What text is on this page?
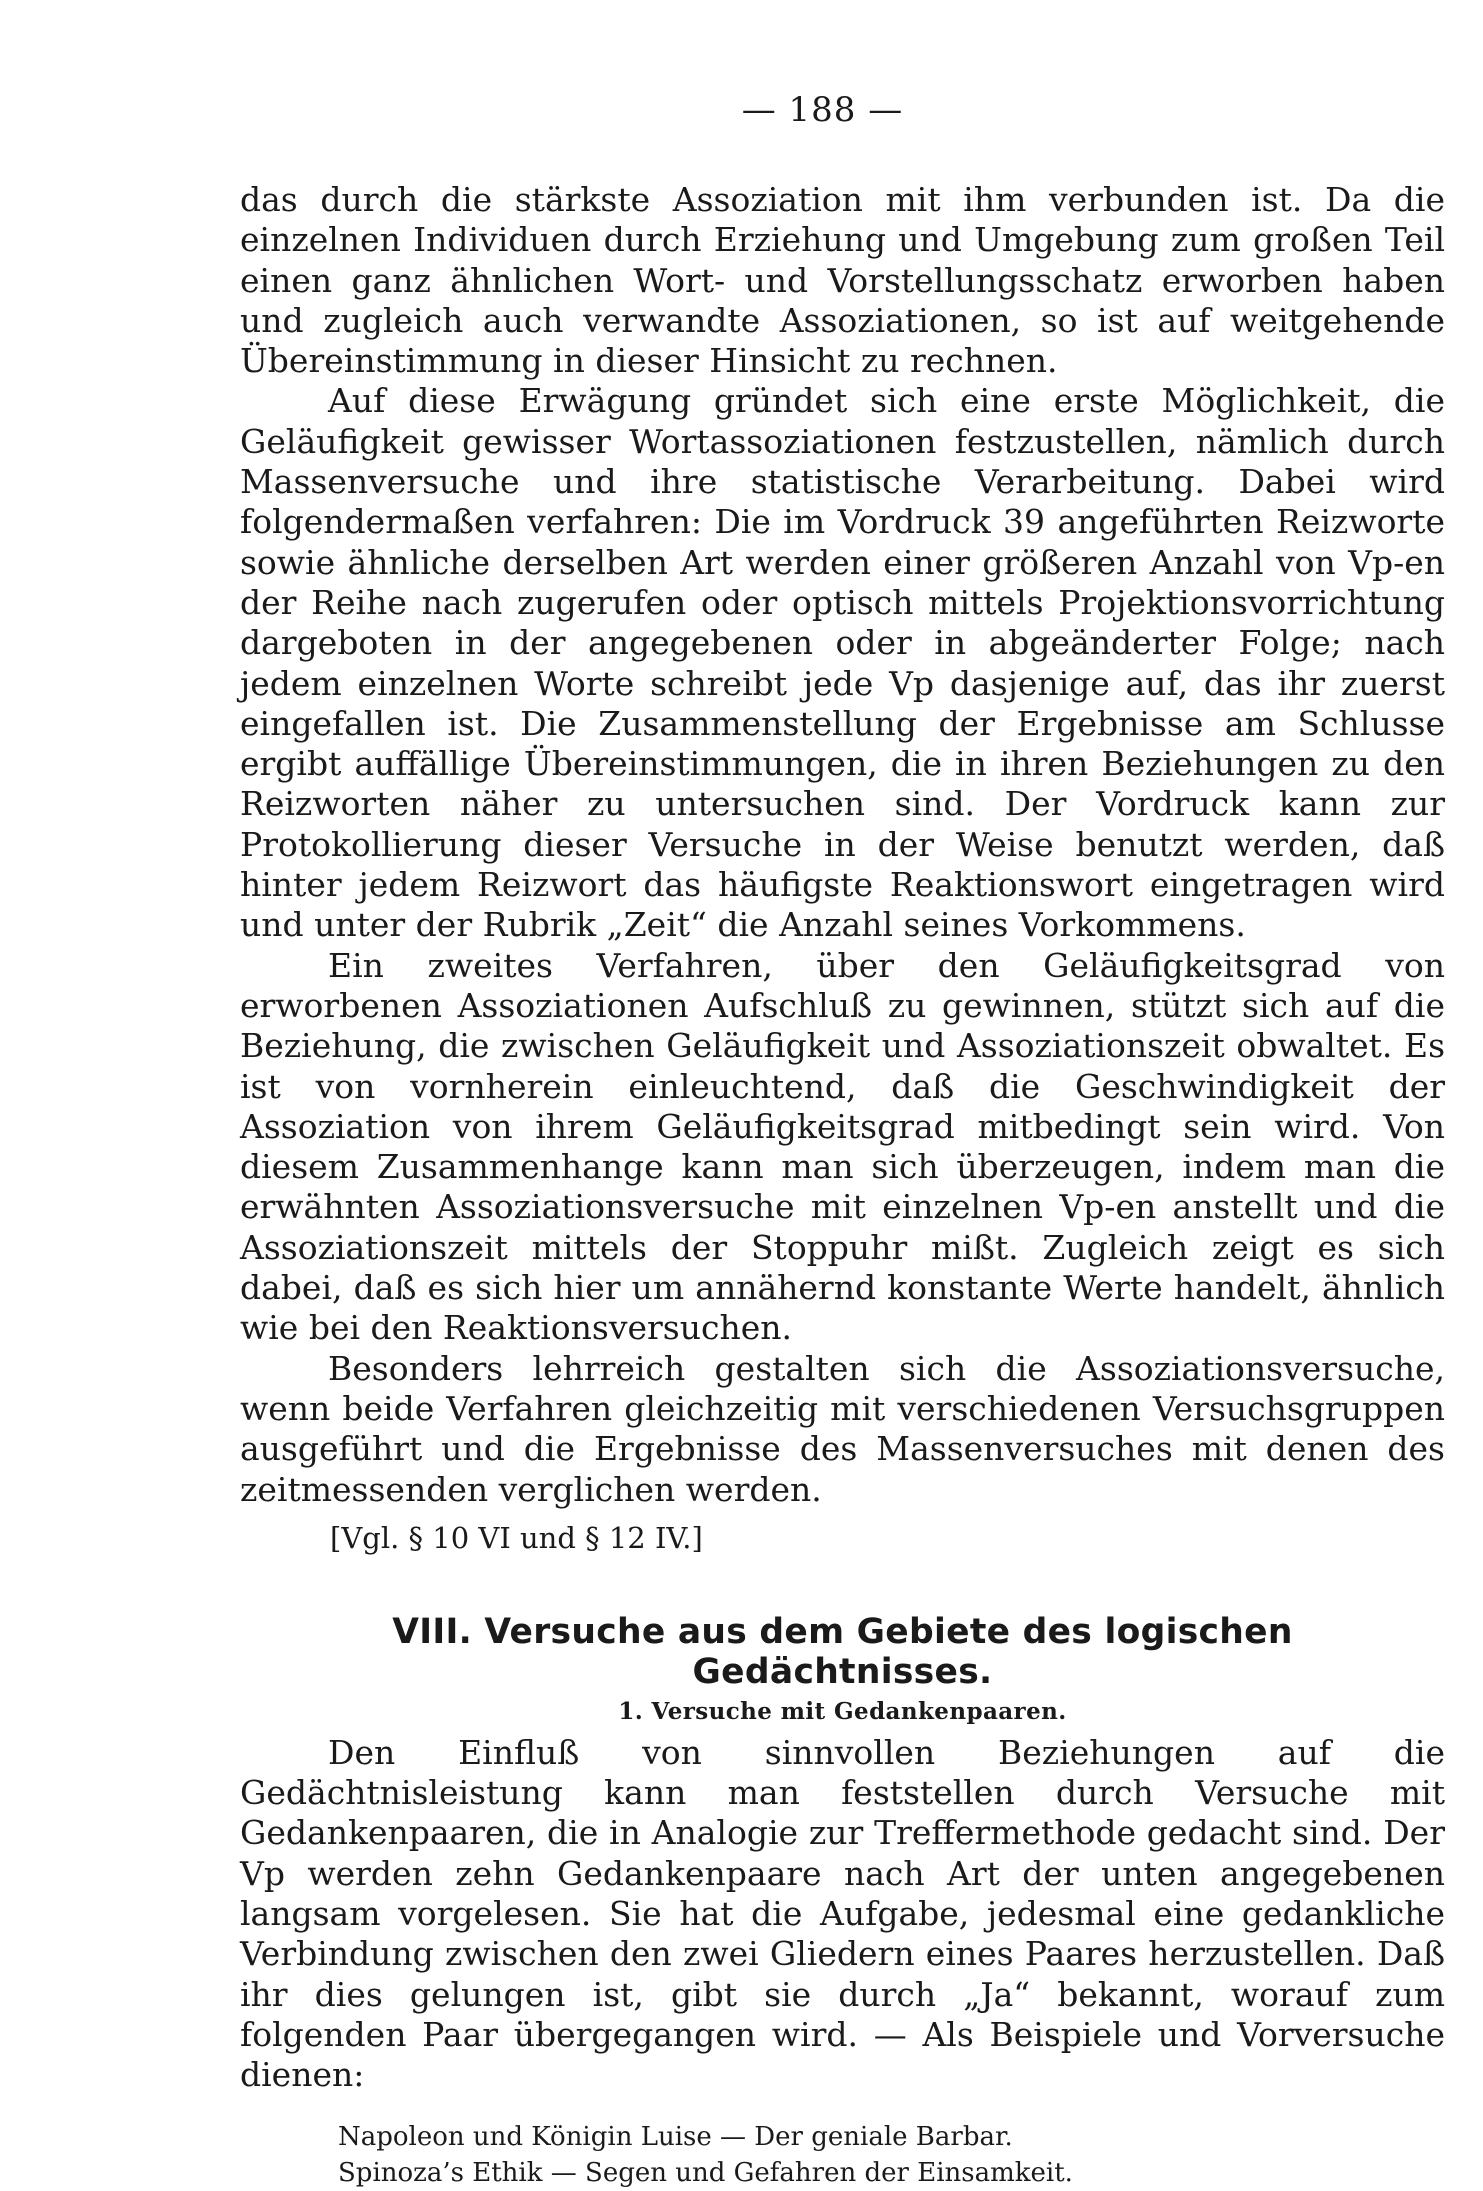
— 188 —

das durch die stärkste Assoziation mit ihm verbunden ist. Da die einzelnen Individuen durch Erziehung und Umgebung zum großen Teil einen ganz ähnlichen Wort- und Vorstellungsschatz erworben haben und zugleich auch verwandte Assoziationen, so ist auf weitgehende Übereinstimmung in dieser Hinsicht zu rechnen.

Auf diese Erwägung gründet sich eine erste Möglichkeit, die Geläufigkeit gewisser Wortassoziationen festzustellen, nämlich durch Massenversuche und ihre statistische Verarbeitung. Dabei wird folgendermaßen verfahren: Die im Vordruck 39 angeführten Reizworte sowie ähnliche derselben Art werden einer größeren Anzahl von Vp-en der Reihe nach zugerufen oder optisch mittels Projektionsvorrichtung dargeboten in der angegebenen oder in abgeänderter Folge; nach jedem einzelnen Worte schreibt jede Vp dasjenige auf, das ihr zuerst eingefallen ist. Die Zusammenstellung der Ergebnisse am Schlusse ergibt auffällige Übereinstimmungen, die in ihren Beziehungen zu den Reizworten näher zu untersuchen sind. Der Vordruck kann zur Protokollierung dieser Versuche in der Weise benutzt werden, daß hinter jedem Reizwort das häufigste Reaktionswort eingetragen wird und unter der Rubrik „Zeit“ die Anzahl seines Vorkommens.

Ein zweites Verfahren, über den Geläufigkeitsgrad von erworbenen Assoziationen Aufschluß zu gewinnen, stützt sich auf die Beziehung, die zwischen Geläufigkeit und Assoziationszeit obwaltet. Es ist von vornherein einleuchtend, daß die Geschwindigkeit der Assoziation von ihrem Geläufigkeitsgrad mitbedingt sein wird. Von diesem Zusammenhange kann man sich überzeugen, indem man die erwähnten Assoziationsversuche mit einzelnen Vp-en anstellt und die Assoziationszeit mittels der Stoppuhr mißt. Zugleich zeigt es sich dabei, daß es sich hier um annähernd konstante Werte handelt, ähnlich wie bei den Reaktionsversuchen.

Besonders lehrreich gestalten sich die Assoziationsversuche, wenn beide Verfahren gleichzeitig mit verschiedenen Versuchsgruppen ausgeführt und die Ergebnisse des Massenversuches mit denen des zeitmessenden verglichen werden.

[Vgl. § 10 VI und § 12 IV.]
VIII. Versuche aus dem Gebiete des logischen Gedächtnisses.
1. Versuche mit Gedankenpaaren.

Den Einfluß von sinnvollen Beziehungen auf die Gedächtnisleistung kann man feststellen durch Versuche mit Gedankenpaaren, die in Analogie zur Treffermethode gedacht sind. Der Vp werden zehn Gedankenpaare nach Art der unten angegebenen langsam vorgelesen. Sie hat die Aufgabe, jedesmal eine gedankliche Verbindung zwischen den zwei Gliedern eines Paares herzustellen. Daß ihr dies gelungen ist, gibt sie durch „Ja“ bekannt, worauf zum folgenden Paar übergegangen wird. — Als Beispiele und Vorversuche dienen:

Napoleon und Königin Luise — Der geniale Barbar.
Spinoza’s Ethik — Segen und Gefahren der Einsamkeit.
